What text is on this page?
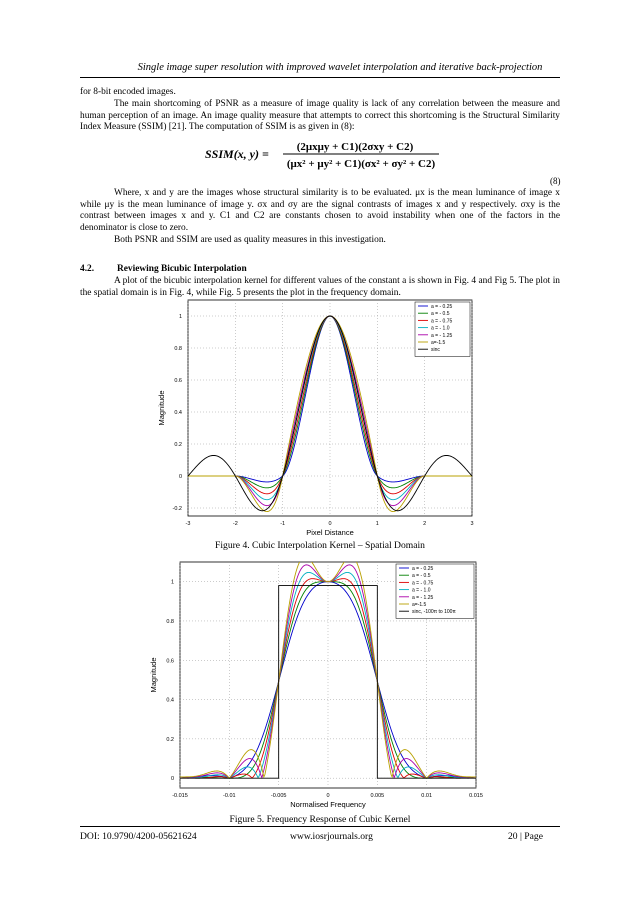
Single image super resolution with improved wavelet interpolation and iterative back-projection
for 8-bit encoded images.
The main shortcoming of PSNR as a measure of image quality is lack of any correlation between the measure and human perception of an image. An image quality measure that attempts to correct this shortcoming is the Structural Similarity Index Measure (SSIM) [21]. The computation of SSIM is as given in (8):
SSIM(x, y) =	(2μxμy + C1)(2σxy + C2)
(μx² + μy² + C1)(σx² + σy² + C2)
(8)
Where, x and y are the images whose structural similarity is to be evaluated. μx is the mean luminance of image x while μy is the mean luminance of image y. σx and σy are the signal contrasts of images x and y respectively. σxy is the contrast between images x and y. C1 and C2 are constants chosen to avoid instability when one of the factors in the denominator is close to zero.
Both PSNR and SSIM are used as quality measures in this investigation.
4.2. Reviewing Bicubic Interpolation
A plot of the bicubic interpolation kernel for different values of the constant a is shown in Fig. 4 and Fig 5. The plot in the spatial domain is in Fig. 4, while Fig. 5 presents the plot in the frequency domain.
-3	-2	-1	0	1	2	3
-0.2
0
0.2
0.4
0.6
0.8
1
Pixel Distance
Magnitude
a = - 0.25
a = - 0.5
a = - 0.75
a = - 1.0
a = - 1.25
a=-1.5
sinc
Figure 4. Cubic Interpolation Kernel – Spatial Domain
-0.015	-0.01	-0.005	0	0.005	0.01	0.015
0
0.2
0.4
0.6
0.8
1
Normalised Frequency
Magnitude
a = - 0.25
a = - 0.5
a = - 0.75
a = - 1.0
a = - 1.25
a=-1.5
sinc, -100π to 100π
Figure 5. Frequency Response of Cubic Kernel
DOI: 10.9790/4200-05621624	www.iosrjournals.org	20 | Page
